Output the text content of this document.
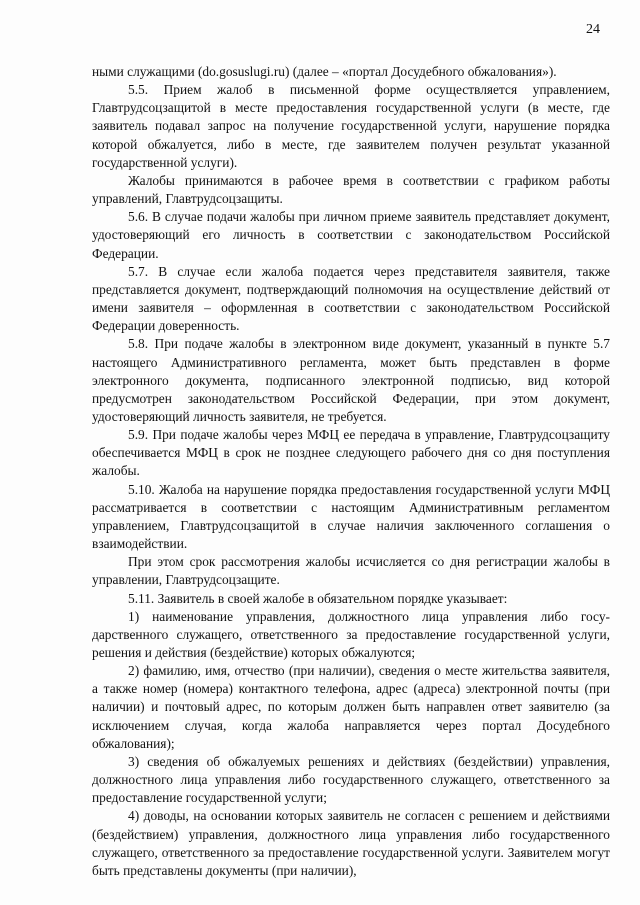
24

ными служащими (do.gosuslugi.ru) (далее – «портал Досудебного обжалования»).

5.5. Прием жалоб в письменной форме осуществляется управлением, Главтрудсоцзащитой в месте предоставления государственной услуги (в месте, где заявитель подавал запрос на получение государственной услуги, нарушение порядка которой обжалуется, либо в месте, где заявителем получен результат указанной государственной услуги).

Жалобы принимаются в рабочее время в соответствии с графиком работы управлений, Главтрудсоцзащиты.

5.6. В случае подачи жалобы при личном приеме заявитель представляет документ, удостоверяющий его личность в соответствии с законодательством Российской Федерации.

5.7. В случае если жалоба подается через представителя заявителя, также представляется документ, подтверждающий полномочия на осуществление действий от имени заявителя – оформленная в соответствии с законодательством Российской Федерации доверенность.

5.8. При подаче жалобы в электронном виде документ, указанный в пункте 5.7 настоящего Административного регламента, может быть представлен в форме электронного документа, подписанного электронной подписью, вид которой предусмотрен законодательством Российской Федерации, при этом документ, удостоверяющий личность заявителя, не требуется.

5.9. При подаче жалобы через МФЦ ее передача в управление, Главтрудсоцзащиту обеспечивается МФЦ в срок не позднее следующего рабочего дня со дня поступления жалобы.

5.10. Жалоба на нарушение порядка предоставления государственной услуги МФЦ рассматривается в соответствии с настоящим Административным регламентом управлением, Главтрудсоцзащитой в случае наличия заключенного соглашения о взаимодействии.

При этом срок рассмотрения жалобы исчисляется со дня регистрации жалобы в управлении, Главтрудсоцзащите.

5.11. Заявитель в своей жалобе в обязательном порядке указывает:

1) наименование управления, должностного лица управления либо государственного служащего, ответственного за предоставление государственной услуги, решения и действия (бездействие) которых обжалуются;

2) фамилию, имя, отчество (при наличии), сведения о месте жительства заявителя, а также номер (номера) контактного телефона, адрес (адреса) электронной почты (при наличии) и почтовый адрес, по которым должен быть направлен ответ заявителю (за исключением случая, когда жалоба направляется через портал Досудебного обжалования);

3) сведения об обжалуемых решениях и действиях (бездействии) управления, должностного лица управления либо государственного служащего, ответственного за предоставление государственной услуги;

4) доводы, на основании которых заявитель не согласен с решением и действиями (бездействием) управления, должностного лица управления либо государственного служащего, ответственного за предоставление государственной услуги. Заявителем могут быть представлены документы (при наличии),
